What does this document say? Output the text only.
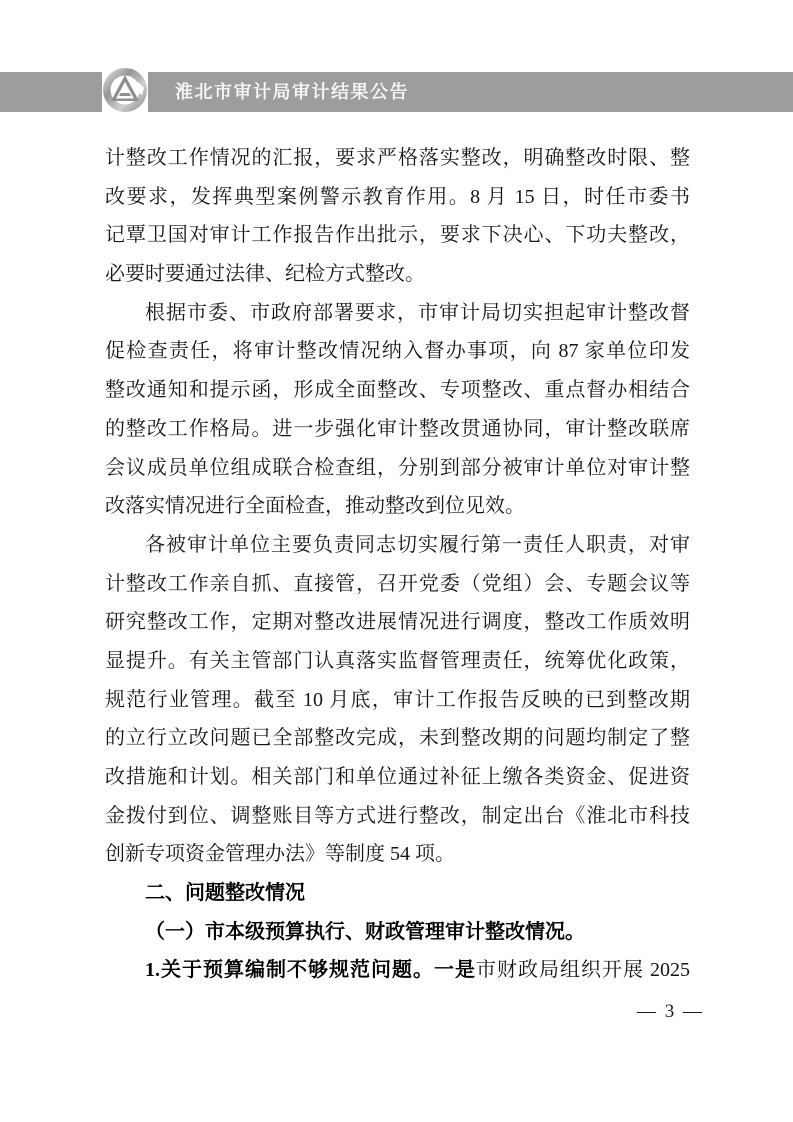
淮北市审计局审计结果公告
计整改工作情况的汇报，要求严格落实整改，明确整改时限、整
改要求，发挥典型案例警示教育作用。8 月 15 日，时任市委书
记覃卫国对审计工作报告作出批示，要求下决心、下功夫整改，
必要时要通过法律、纪检方式整改。
根据市委、市政府部署要求，市审计局切实担起审计整改督
促检查责任，将审计整改情况纳入督办事项，向 87 家单位印发
整改通知和提示函，形成全面整改、专项整改、重点督办相结合
的整改工作格局。进一步强化审计整改贯通协同，审计整改联席
会议成员单位组成联合检查组，分别到部分被审计单位对审计整
改落实情况进行全面检查，推动整改到位见效。
各被审计单位主要负责同志切实履行第一责任人职责，对审
计整改工作亲自抓、直接管，召开党委（党组）会、专题会议等
研究整改工作，定期对整改进展情况进行调度，整改工作质效明
显提升。有关主管部门认真落实监督管理责任，统筹优化政策，
规范行业管理。截至 10 月底，审计工作报告反映的已到整改期
的立行立改问题已全部整改完成，未到整改期的问题均制定了整
改措施和计划。相关部门和单位通过补征上缴各类资金、促进资
金拨付到位、调整账目等方式进行整改，制定出台《淮北市科技
创新专项资金管理办法》等制度 54 项。
二、问题整改情况
（一）市本级预算执行、财政管理审计整改情况。
1.关于预算编制不够规范问题。一是市财政局组织开展 2025
— 3 —
